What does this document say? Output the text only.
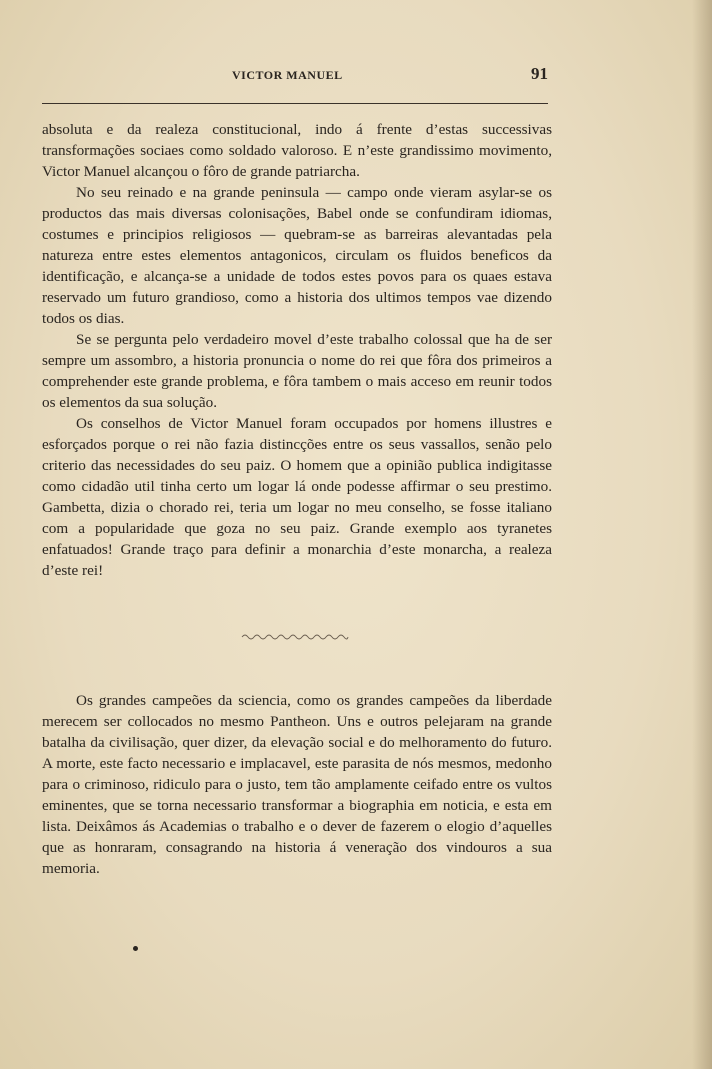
VICTOR MANUEL	91

absoluta e da realeza constitucional, indo á frente d’estas successivas transformações sociaes como soldado valoroso. E n’este grandissimo movimento, Victor Manuel alcançou o fôro de grande patriarcha.

No seu reinado e na grande peninsula — campo onde vieram asylar-se os productos das mais diversas colonisações, Babel onde se confundiram idiomas, costumes e principios religiosos — quebram-se as barreiras alevantadas pela natureza entre estes elementos antagonicos, circulam os fluidos beneficos da identificação, e alcança-se a unidade de todos estes povos para os quaes estava reservado um futuro grandioso, como a historia dos ultimos tempos vae dizendo todos os dias.

Se se pergunta pelo verdadeiro movel d’este trabalho colossal que ha de ser sempre um assombro, a historia pronuncia o nome do rei que fôra dos primeiros a comprehender este grande problema, e fôra tambem o mais acceso em reunir todos os elementos da sua solução.

Os conselhos de Victor Manuel foram occupados por homens illustres e esforçados porque o rei não fazia distincções entre os seus vassallos, senão pelo criterio das necessidades do seu paiz. O homem que a opinião publica indigitasse como cidadão util tinha certo um logar lá onde podesse affirmar o seu prestimo. Gambetta, dizia o chorado rei, teria um logar no meu conselho, se fosse italiano com a popularidade que goza no seu paiz. Grande exemplo aos tyranetes enfatuados! Grande traço para definir a monarchia d’este monarcha, a realeza d’este rei!

Os grandes campeões da sciencia, como os grandes campeões da liberdade merecem ser collocados no mesmo Pantheon. Uns e outros pelejaram na grande batalha da civilisação, quer dizer, da elevação social e do melhoramento do futuro. A morte, este facto necessario e implacavel, este parasita de nós mesmos, medonho para o criminoso, ridiculo para o justo, tem tão amplamente ceifado entre os vultos eminentes, que se torna necessario transformar a biographia em noticia, e esta em lista. Deixâmos ás Academias o trabalho e o dever de fazerem o elogio d’aquelles que as honraram, consagrando na historia á veneração dos vindouros a sua memoria.
